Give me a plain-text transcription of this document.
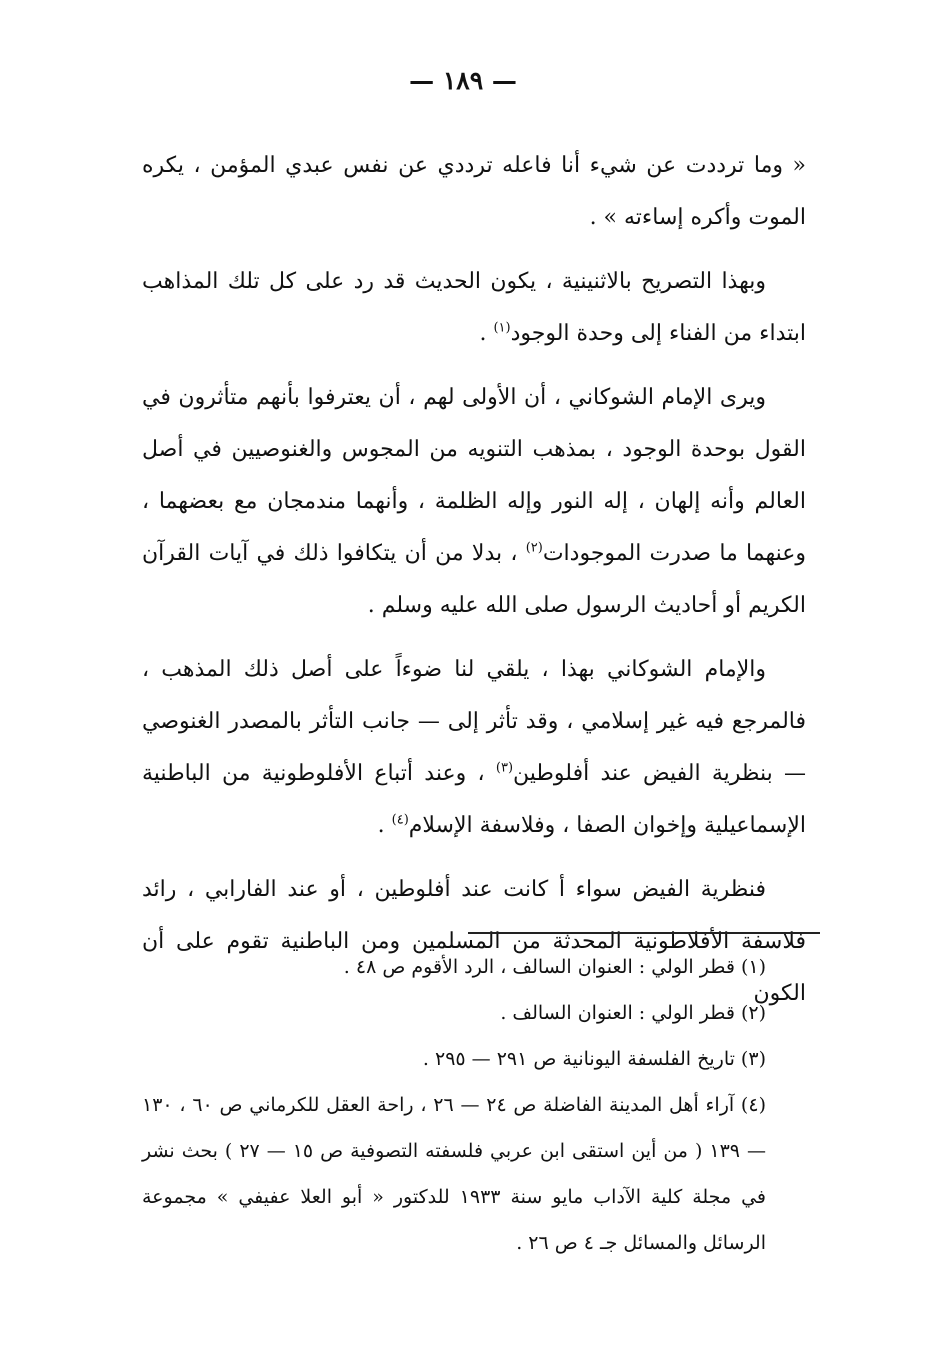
— ١٨٩ —

« وما ترددت عن شيء أنا فاعله ترددي عن نفس عبدي المؤمن ، يكره الموت وأكره إساءته » .

وبهذا التصريح بالاثنينية ، يكون الحديث قد رد على كل تلك المذاهب ابتداء من الفناء إلى وحدة الوجود$^{(١)}$ .

ويرى الإمام الشوكاني ، أن الأولى لهم ، أن يعترفوا بأنهم متأثرون في القول بوحدة الوجود ، بمذهب التنويه من المجوس والغنوصيين في أصل العالم وأنه إلهان ، إله النور وإله الظلمة ، وأنهما مندمجان مع بعضهما ، وعنهما ما صدرت الموجودات$^{(٢)}$ ، بدلا من أن يتكافوا ذلك في آيات القرآن الكريم أو أحاديث الرسول صلى الله عليه وسلم .

والإمام الشوكاني بهذا ، يلقي لنا ضوءاً على أصل ذلك المذهب ، فالمرجع فيه غير إسلامي ، وقد تأثر إلى — جانب التأثر بالمصدر الغنوصي — بنظرية الفيض عند أفلوطين$^{(٣)}$ ، وعند أتباع الأفلوطونية من الباطنية الإسماعيلية وإخوان الصفا ، وفلاسفة الإسلام$^{(٤)}$ .

فنظرية الفيض سواء أ كانت عند أفلوطين ، أو عند الفارابي ، رائد فلاسفة الأفلاطونية المحدثة من المسلمين ومن الباطنية تقوم على أن الكون

(١) قطر الولي : العنوان السالف ، الرد الأقوم ص ٤٨ .

(٢) قطر الولي : العنوان السالف .

(٣) تاريخ الفلسفة اليونانية ص ٢٩١ — ٢٩٥ .

(٤) آراء أهل المدينة الفاضلة ص ٢٤ — ٢٦ ، راحة العقل للكرماني ص ٦٠ ، ١٣٠ — ١٣٩ ( من أين استقى ابن عربي فلسفته التصوفية ص ١٥ — ٢٧ ) بحث نشر في مجلة كلية الآداب مايو سنة ١٩٣٣ للدكتور « أبو العلا عفيفي » مجموعة الرسائل والمسائل جـ ٤ ص ٢٦ .
